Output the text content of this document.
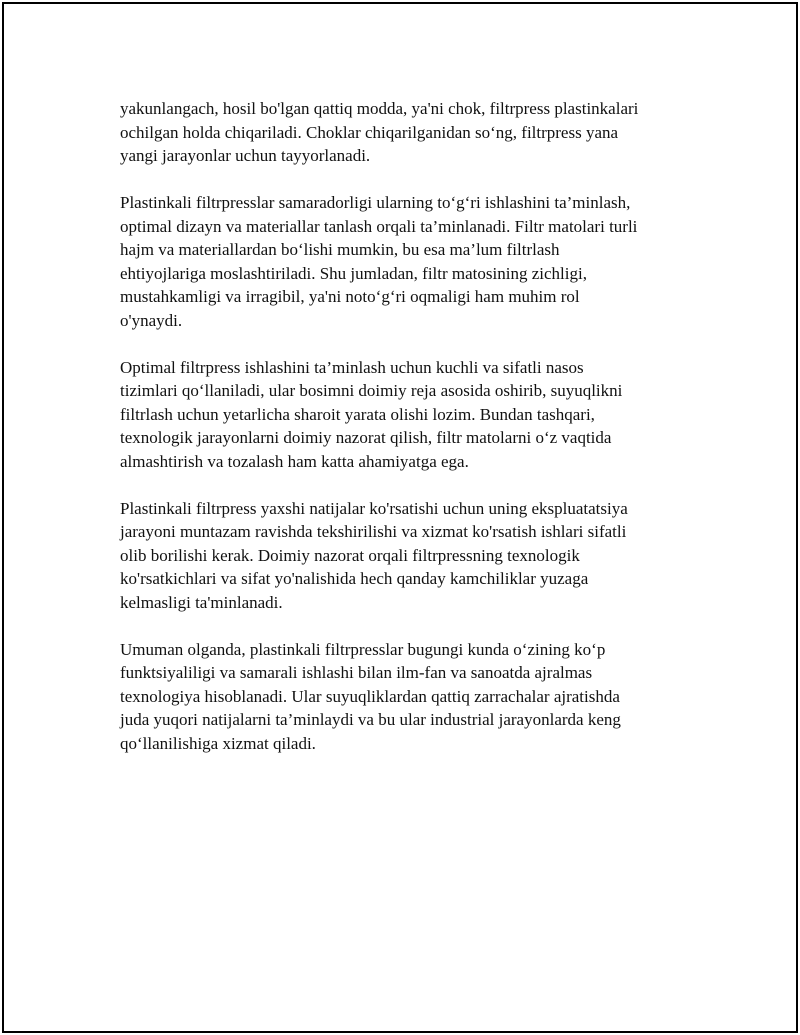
yakunlangach, hosil bo'lgan qattiq modda, ya'ni chok, filtrpress plastinkalari
ochilgan holda chiqariladi. Choklar chiqarilganidan so‘ng, filtrpress yana
yangi jarayonlar uchun tayyorlanadi.

Plastinkali filtrpresslar samaradorligi ularning to‘g‘ri ishlashini ta’minlash,
optimal dizayn va materiallar tanlash orqali ta’minlanadi. Filtr matolari turli
hajm va materiallardan bo‘lishi mumkin, bu esa ma’lum filtrlash
ehtiyojlariga moslashtiriladi. Shu jumladan, filtr matosining zichligi,
mustahkamligi va irragibil, ya'ni noto‘g‘ri oqmaligi ham muhim rol
o'ynaydi.

Optimal filtrpress ishlashini ta’minlash uchun kuchli va sifatli nasos
tizimlari qo‘llaniladi, ular bosimni doimiy reja asosida oshirib, suyuqlikni
filtrlash uchun yetarlicha sharoit yarata olishi lozim. Bundan tashqari,
texnologik jarayonlarni doimiy nazorat qilish, filtr matolarni o‘z vaqtida
almashtirish va tozalash ham katta ahamiyatga ega.

Plastinkali filtrpress yaxshi natijalar ko'rsatishi uchun uning ekspluatatsiya
jarayoni muntazam ravishda tekshirilishi va xizmat ko'rsatish ishlari sifatli
olib borilishi kerak. Doimiy nazorat orqali filtrpressning texnologik
ko'rsatkichlari va sifat yo'nalishida hech qanday kamchiliklar yuzaga
kelmasligi ta'minlanadi.

Umuman olganda, plastinkali filtrpresslar bugungi kunda o‘zining ko‘p
funktsiyaliligi va samarali ishlashi bilan ilm-fan va sanoatda ajralmas
texnologiya hisoblanadi. Ular suyuqliklardan qattiq zarrachalar ajratishda
juda yuqori natijalarni ta’minlaydi va bu ular industrial jarayonlarda keng
qo‘llanilishiga xizmat qiladi.
